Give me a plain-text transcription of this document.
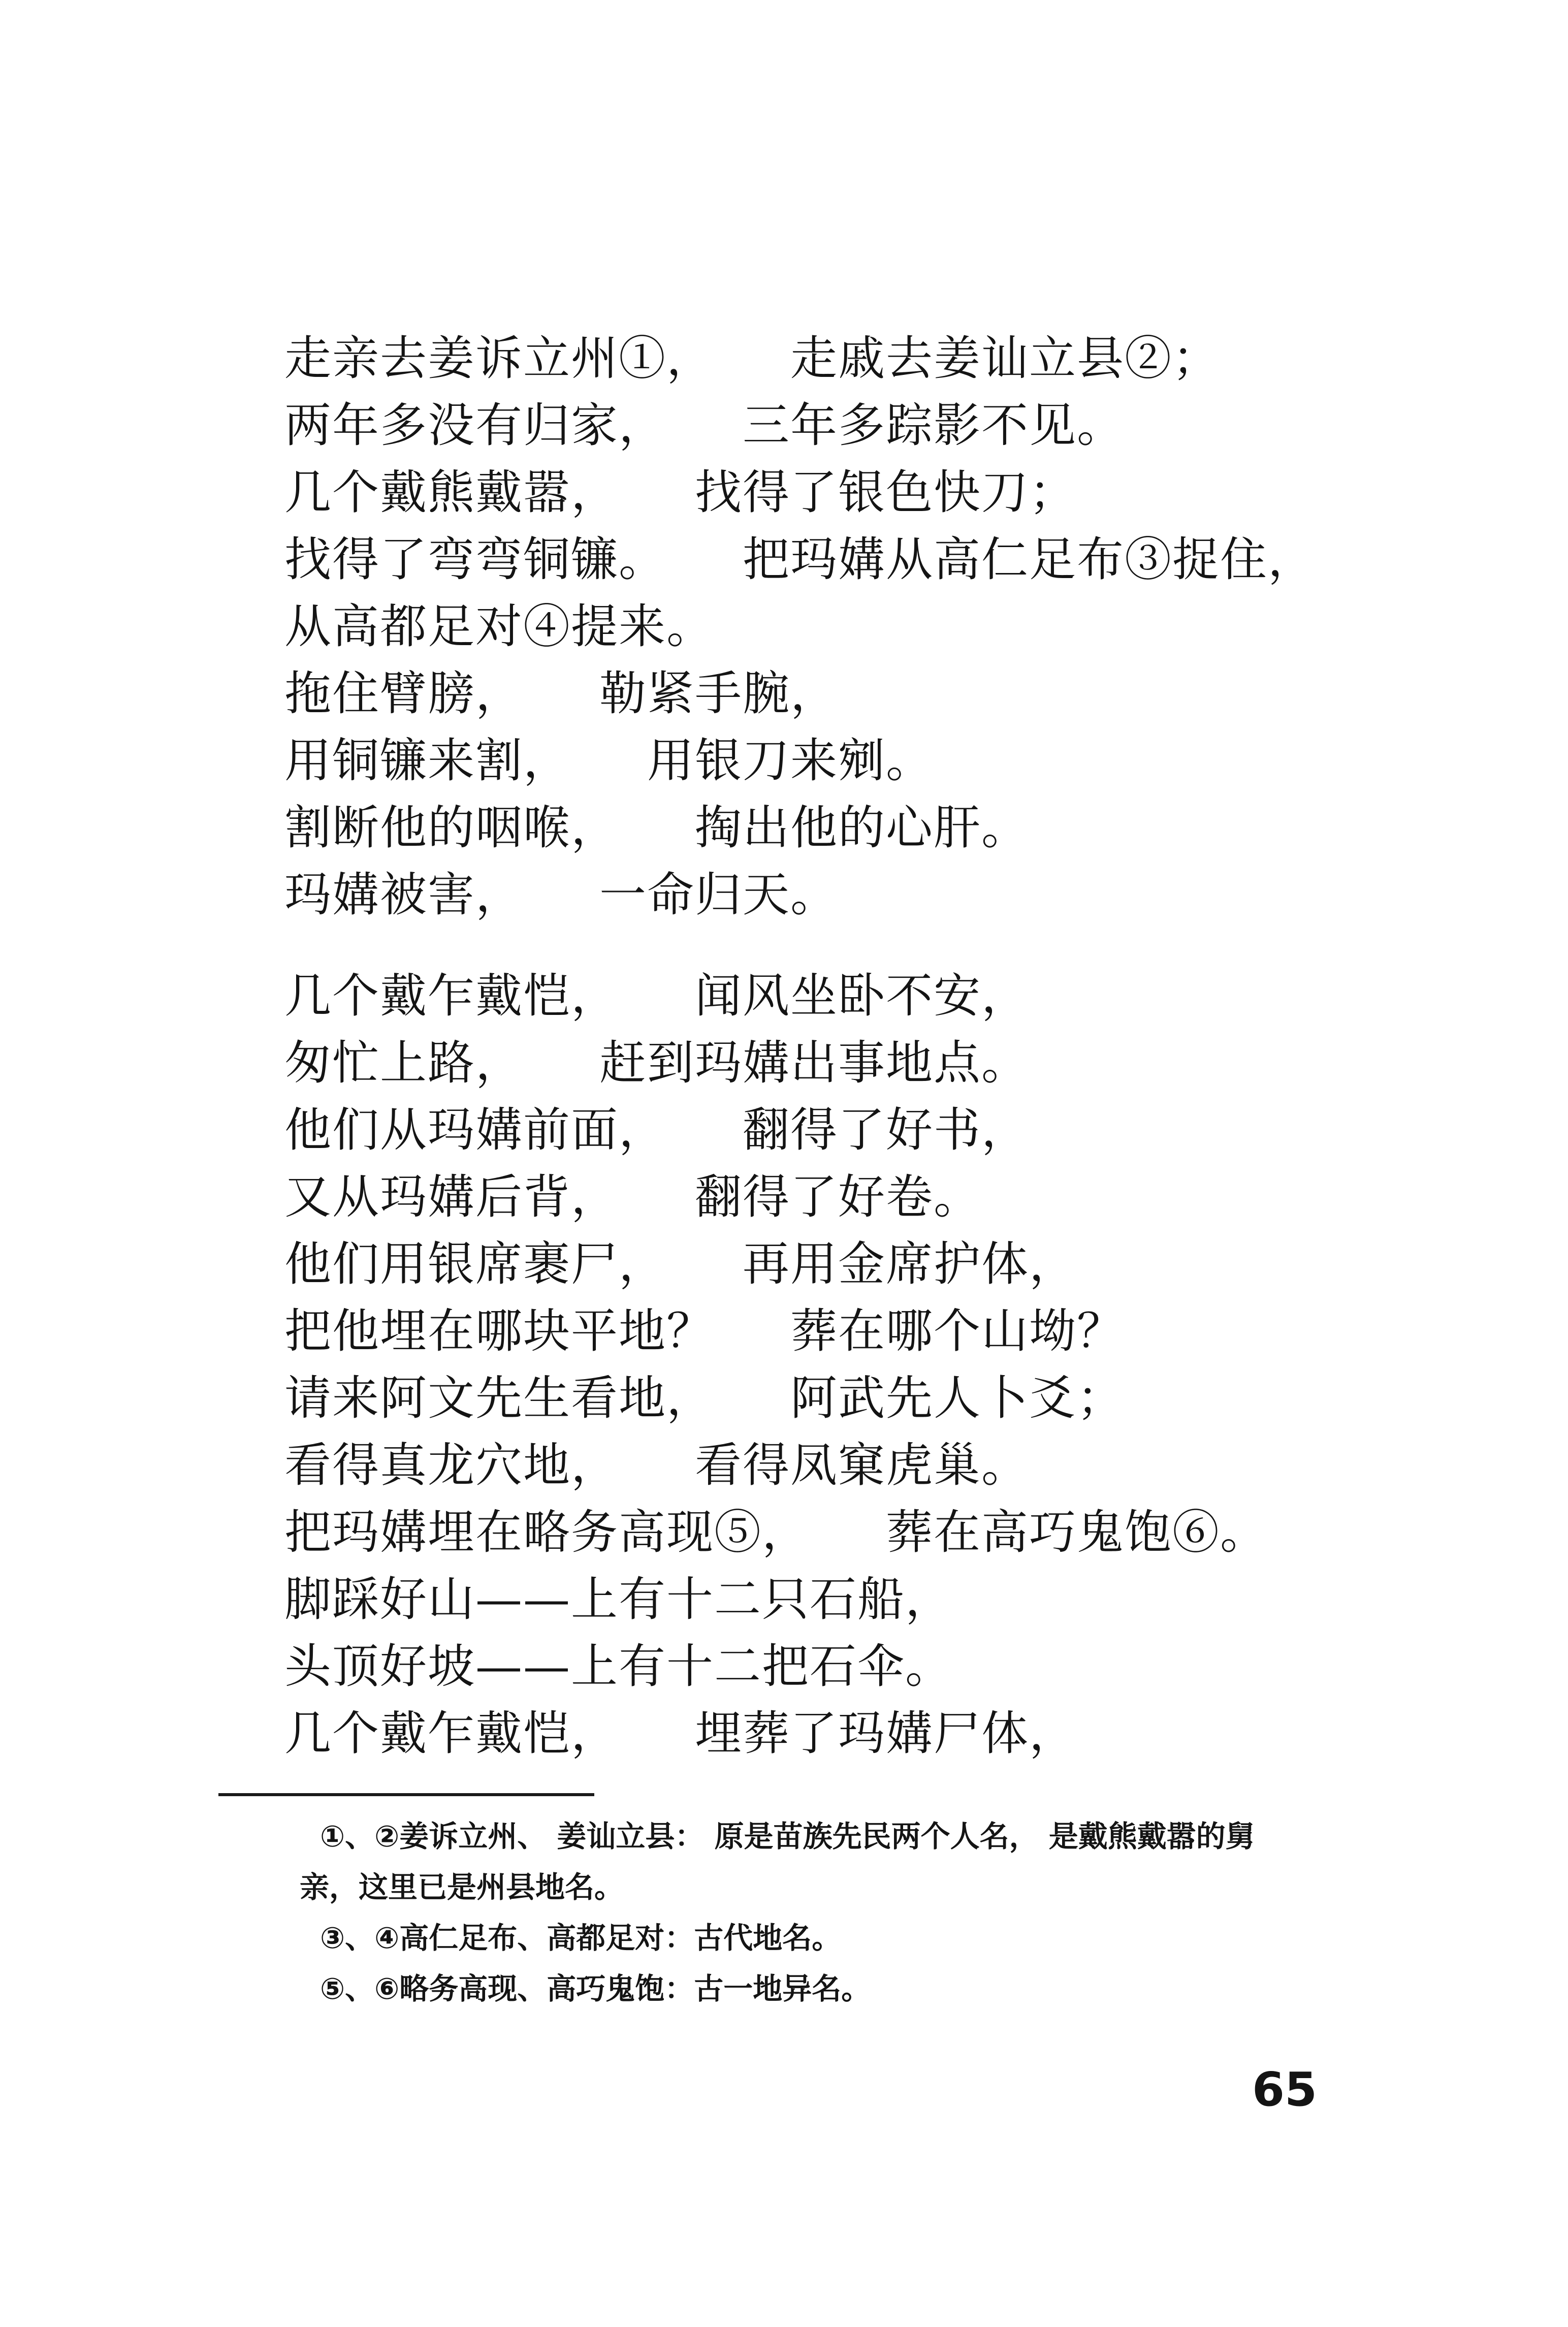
走亲去姜诉立州①， 走戚去姜讪立县②；
两年多没有归家， 三年多踪影不见。
几个戴熊戴嚣， 找得了银色快刀；
找得了弯弯铜镰。 把玛媾从高仁足布③捉住，
从高都足对④提来。
拖住臂膀， 勒紧手腕，
用铜镰来割， 用银刀来剜。
割断他的咽喉， 掏出他的心肝。
玛媾被害， 一命归天。
几个戴乍戴恺， 闻风坐卧不安，
匆忙上路， 赶到玛媾出事地点。
他们从玛媾前面， 翻得了好书，
又从玛媾后背， 翻得了好卷。
他们用银席裹尸， 再用金席护体，
把他埋在哪块平地？ 葬在哪个山坳？
请来阿文先生看地， 阿武先人卜爻；
看得真龙穴地， 看得凤窠虎巢。
把玛媾埋在略务高现⑤， 葬在高巧鬼饱⑥。
脚踩好山——上有十二只石船，
头顶好坡——上有十二把石伞。
几个戴乍戴恺， 埋葬了玛媾尸体，
①、②姜诉立州、 姜讪立县： 原是苗族先民两个人名， 是戴熊戴嚣的舅
亲，这里已是州县地名。
③、④高仁足布、高都足对：古代地名。
⑤、⑥略务高现、高巧鬼饱：古一地异名。
65
